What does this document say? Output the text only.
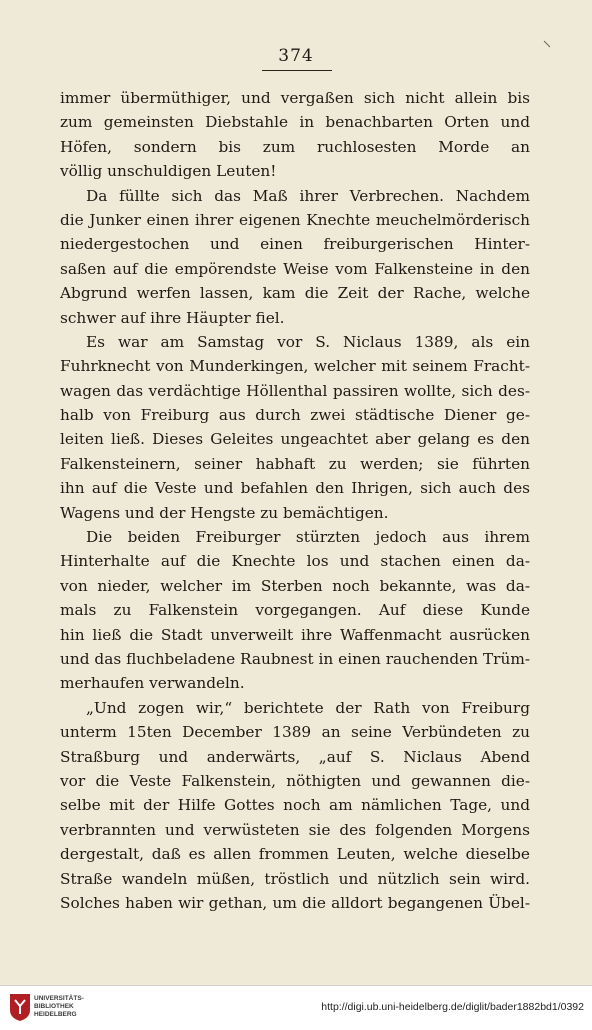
374
immer übermüthiger, und vergaßen sich nicht allein bis
zum gemeinsten Diebstahle in benachbarten Orten und
Höfen, sondern bis zum ruchlosesten Morde an
völlig unschuldigen Leuten!
Da füllte sich das Maß ihrer Verbrechen. Nachdem
die Junker einen ihrer eigenen Knechte meuchelmörderisch
niedergestochen und einen freiburgerischen Hinter-
saßen auf die empörendste Weise vom Falkensteine in den
Abgrund werfen lassen, kam die Zeit der Rache, welche
schwer auf ihre Häupter fiel.
Es war am Samstag vor S. Niclaus 1389, als ein
Fuhrknecht von Munderkingen, welcher mit seinem Fracht-
wagen das verdächtige Höllenthal passiren wollte, sich des-
halb von Freiburg aus durch zwei städtische Diener ge-
leiten ließ. Dieses Geleites ungeachtet aber gelang es den
Falkensteinern, seiner habhaft zu werden; sie führten
ihn auf die Veste und befahlen den Ihrigen, sich auch des
Wagens und der Hengste zu bemächtigen.
Die beiden Freiburger stürzten jedoch aus ihrem
Hinterhalte auf die Knechte los und stachen einen da-
von nieder, welcher im Sterben noch bekannte, was da-
mals zu Falkenstein vorgegangen. Auf diese Kunde
hin ließ die Stadt unverweilt ihre Waffenmacht ausrücken
und das fluchbeladene Raubnest in einen rauchenden Trüm-
merhaufen verwandeln.
„Und zogen wir,“ berichtete der Rath von Freiburg
unterm 15ten December 1389 an seine Verbündeten zu
Straßburg und anderwärts, „auf S. Niclaus Abend
vor die Veste Falkenstein, nöthigten und gewannen die-
selbe mit der Hilfe Gottes noch am nämlichen Tage, und
verbrannten und verwüsteten sie des folgenden Morgens
dergestalt, daß es allen frommen Leuten, welche dieselbe
Straße wandeln müßen, tröstlich und nützlich sein wird.
Solches haben wir gethan, um die alldort begangenen Übel-
UNIVERSITÄTS-
BIBLIOTHEK
HEIDELBERG
http://digi.ub.uni-heidelberg.de/diglit/bader1882bd1/0392
